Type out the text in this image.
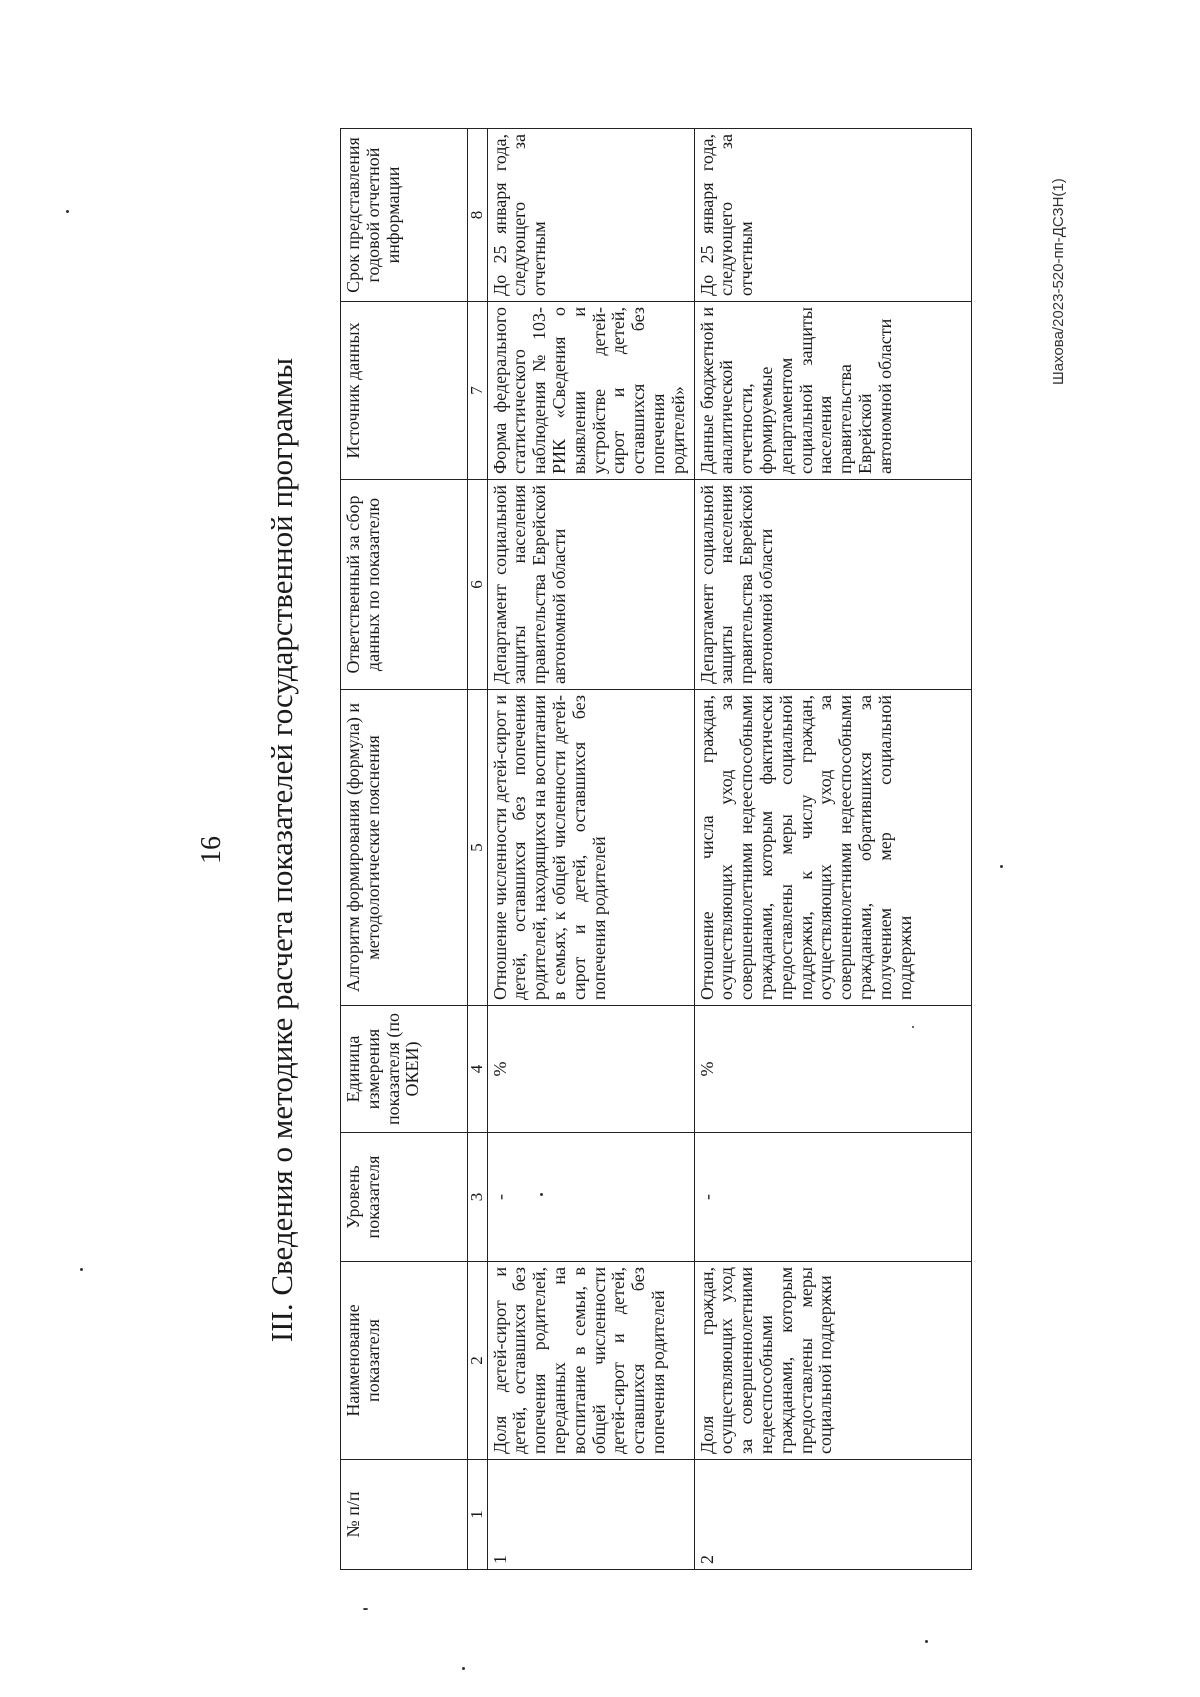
16 III. Сведения о методике расчета показателей государственной программы
№ п/п	Наименование показателя	Уровень показателя	Единица измерения показателя (по ОКЕИ)	Алгоритм формирования (формула) и методологические пояснения	Ответственный за сбор данных по показателю	Источник данных	Срок представления годовой отчетной информации
1	2	3	4	5	6	7	8
1	Доля детей-сирот и детей, оставшихся без попечения родителей, переданных на воспитание в семьи, в общей численности детей-сирот и детей, оставшихся без попечения родителей	-	%	Отношение численности детей-сирот и детей, оставшихся без попечения родителей, находящихся на воспитании в семьях, к общей численности детей-сирот и детей, оставшихся без попечения родителей	Департамент социальной защиты населения правительства Еврейской автономной области	Форма федерального статистического наблюдения № 103-РИК «Сведения о выявлении и устройстве детей-сирот и детей, оставшихся без попечения родителей»	До 25 января года, следующего за отчетным
2	Доля граждан, осуществляющих уход за совершеннолетними недееспособными гражданами, которым предоставлены меры социальной поддержки	-	%	Отношение числа граждан, осуществляющих уход за совершеннолетними недееспособными гражданами, которым фактически предоставлены меры социальной поддержки, к числу граждан, осуществляющих уход за совершеннолетними недееспособными гражданами, обратившихся за получением мер социальной поддержки	Департамент социальной защиты населения правительства Еврейской автономной области	Данные бюджетной и аналитической отчетности, формируемые департаментом социальной защиты населения правительства Еврейской автономной области	До 25 января года, следующего за отчетным	Шахова/2023-520-пп-ДСЗН(1)
